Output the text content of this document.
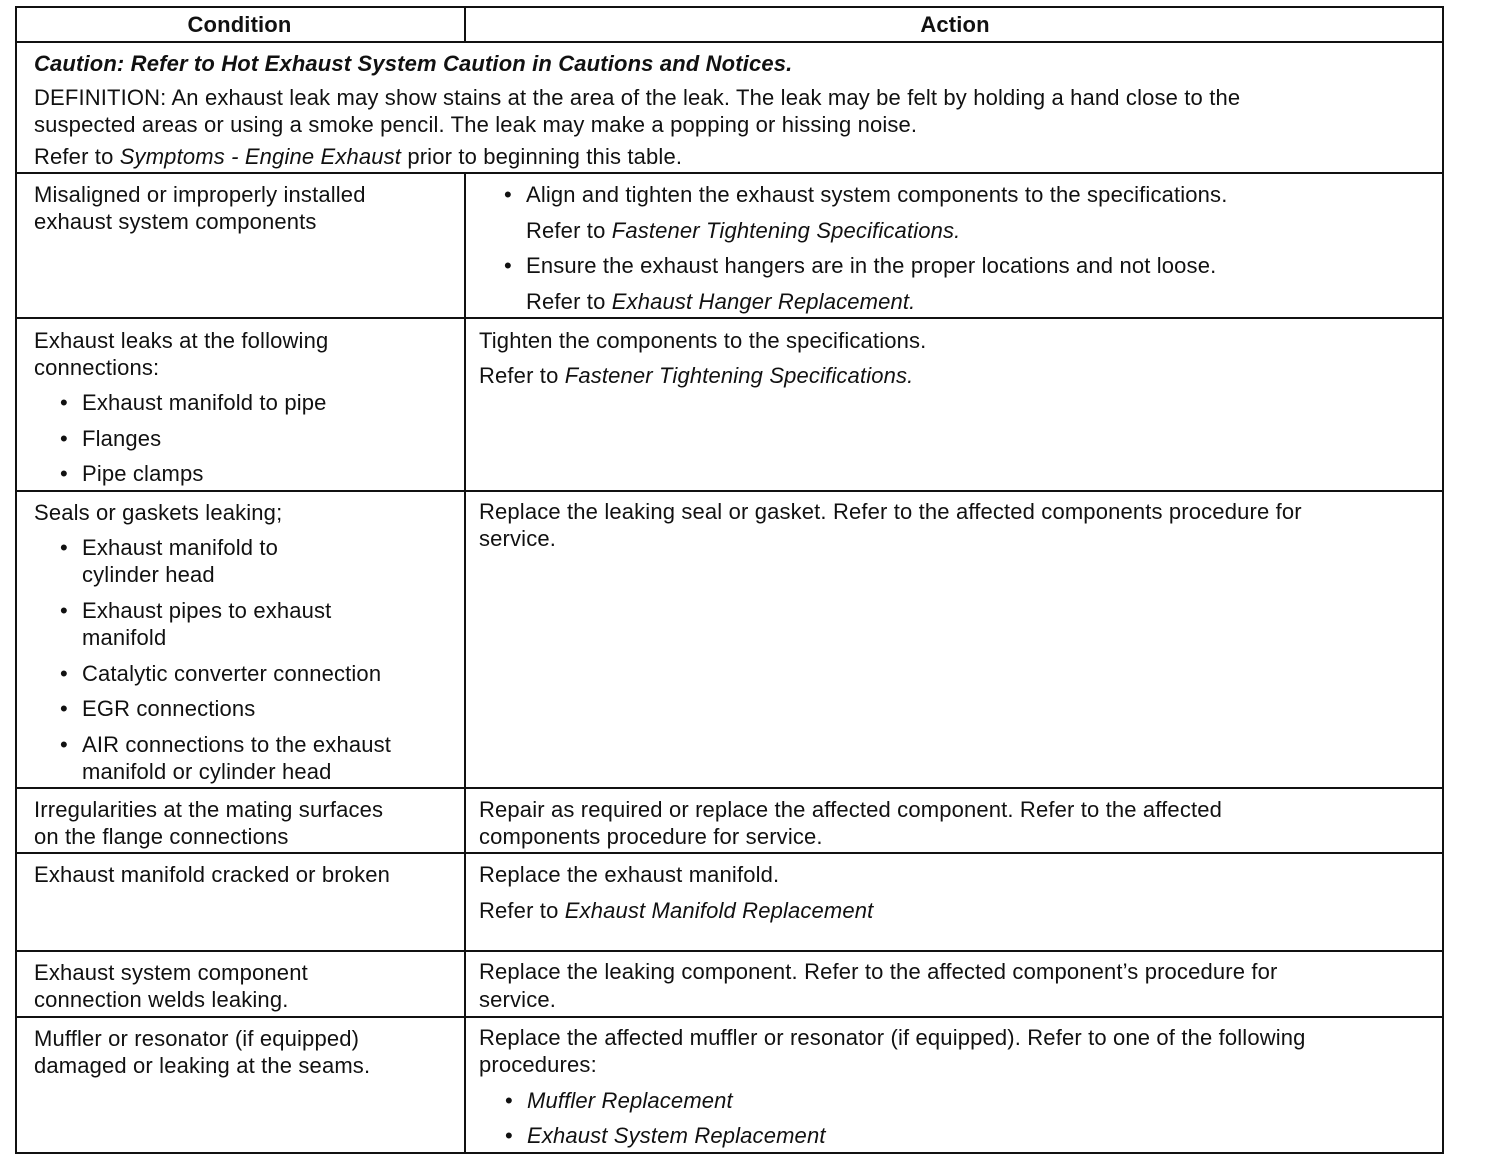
Condition	Action
Caution: Refer to Hot Exhaust System Caution in Cautions and Notices.
DEFINITION: An exhaust leak may show stains at the area of the leak. The leak may be felt by holding a hand close to the
suspected areas or using a smoke pencil. The leak may make a popping or hissing noise.
Refer to Symptoms - Engine Exhaust prior to beginning this table.
Misaligned or improperly installed
exhaust system components
• Align and tighten the exhaust system components to the specifications.
Refer to Fastener Tightening Specifications.
• Ensure the exhaust hangers are in the proper locations and not loose.
Refer to Exhaust Hanger Replacement.
Exhaust leaks at the following
connections:
• Exhaust manifold to pipe
• Flanges
• Pipe clamps
Tighten the components to the specifications.
Refer to Fastener Tightening Specifications.
Seals or gaskets leaking;
• Exhaust manifold to
cylinder head
• Exhaust pipes to exhaust
manifold
• Catalytic converter connection
• EGR connections
• AIR connections to the exhaust
manifold or cylinder head
Replace the leaking seal or gasket. Refer to the affected components procedure for
service.
Irregularities at the mating surfaces
on the flange connections
Repair as required or replace the affected component. Refer to the affected
components procedure for service.
Exhaust manifold cracked or broken	Replace the exhaust manifold.
Refer to Exhaust Manifold Replacement
Exhaust system component
connection welds leaking.
Replace the leaking component. Refer to the affected component’s procedure for
service.
Muffler or resonator (if equipped)
damaged or leaking at the seams.
Replace the affected muffler or resonator (if equipped). Refer to one of the following
procedures:
• Muffler Replacement
• Exhaust System Replacement
